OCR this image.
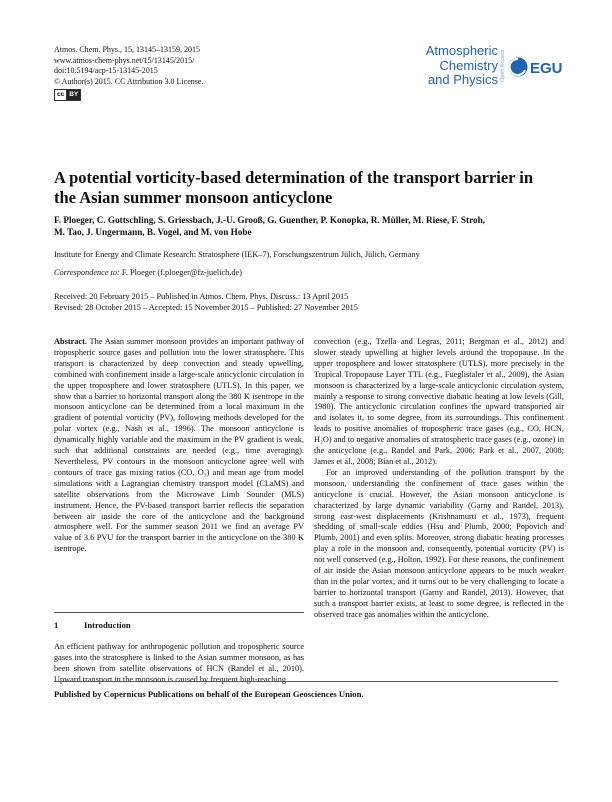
Atmos. Chem. Phys., 15, 13145–13159, 2015
www.atmos-chem-phys.net/15/13145/2015/
doi:10.5194/acp-15-13145-2015
© Author(s) 2015. CC Attribution 3.0 License.
cc BY
Atmospheric
Chemistry
and Physics Open Access EGU
A potential vorticity-based determination of the transport barrier in
the Asian summer monsoon anticyclone
F. Ploeger, C. Gottschling, S. Griessbach, J.-U. Grooß, G. Guenther, P. Konopka, R. Müller, M. Riese, F. Stroh,
M. Tao, J. Ungermann, B. Vogel, and M. von Hobe
Institute for Energy and Climate Research: Stratosphere (IEK–7), Forschungszentrum Jülich, Jülich, Germany
Correspondence to: F. Ploeger (f.ploeger@fz-juelich.de)
Received: 20 February 2015 – Published in Atmos. Chem. Phys. Discuss.: 13 April 2015
Revised: 28 October 2015 – Accepted: 15 November 2015 – Published: 27 November 2015

Abstract. The Asian summer monsoon provides an important pathway of tropospheric source gases and pollution into the lower stratosphere. This transport is characterized by deep convection and steady upwelling, combined with confinement inside a large-scale anticyclonic circulation in the upper troposphere and lower stratosphere (UTLS). In this paper, we show that a barrier to horizontal transport along the 380 K isentrope in the monsoon anticyclone can be determined from a local maximum in the gradient of potential vorticity (PV), following methods developed for the polar vortex (e.g., Nash et al., 1996). The monsoon anticyclone is dynamically highly variable and the maximum in the PV gradient is weak, such that additional constraints are needed (e.g., time averaging). Nevertheless, PV contours in the monsoon anticyclone agree well with contours of trace gas mixing ratios (CO, O₃) and mean age from model simulations with a Lagrangian chemistry transport model (CLaMS) and satellite observations from the Microwave Limb Sounder (MLS) instrument. Hence, the PV-based transport barrier reflects the separation between air inside the core of the anticyclone and the background atmosphere well. For the summer season 2011 we find an average PV value of 3.6 PVU for the transport barrier in the anticyclone on the 380 K isentrope.

1	Introduction

An efficient pathway for anthropogenic pollution and tropospheric source gases into the stratosphere is linked to the Asian summer monsoon, as has been shown from satellite observations of HCN (Randel et al., 2010). Upward transport in the monsoon is caused by frequent high-reaching

convection (e.g., Tzella and Legras, 2011; Bergman et al., 2012) and slower steady upwelling at higher levels around the tropopause. In the upper troposphere and lower stratosphere (UTLS), more precisely in the Tropical Tropopause Layer TTL (e.g., Fueglistaler et al., 2009), the Asian monsoon is characterized by a large-scale anticyclonic circulation system, mainly a response to strong convective diabatic heating at low levels (Gill, 1980). The anticyclonic circulation confines the upward transported air and isolates it, to some degree, from its surroundings. This confinement leads to positive anomalies of tropospheric trace gases (e.g., CO, HCN, H₂O) and to negative anomalies of stratospheric trace gases (e.g., ozone) in the anticyclone (e.g., Randel and Park, 2006; Park et al., 2007, 2008; James et al., 2008; Bian et al., 2012).

For an improved understanding of the pollution transport by the monsoon, understanding the confinement of trace gases within the anticyclone is crucial. However, the Asian monsoon anticyclone is characterized by large dynamic variability (Garny and Randel, 2013), strong east-west displacements (Krishnamurti et al., 1973), frequent shedding of small-scale eddies (Hsu and Plumb, 2000; Popovich and Plumb, 2001) and even splits. Moreover, strong diabatic heating processes play a role in the monsoon and, consequently, potential vorticity (PV) is not well conserved (e.g., Holton, 1992). For these reasons, the confinement of air inside the Asian monsoon anticyclone appears to be much weaker than in the polar vortex, and it turns out to be very challenging to locate a barrier to horizontal transport (Garny and Randel, 2013). However, that such a transport barrier exists, at least to some degree, is reflected in the observed trace gas anomalies within the anticyclone.

Published by Copernicus Publications on behalf of the European Geosciences Union.
